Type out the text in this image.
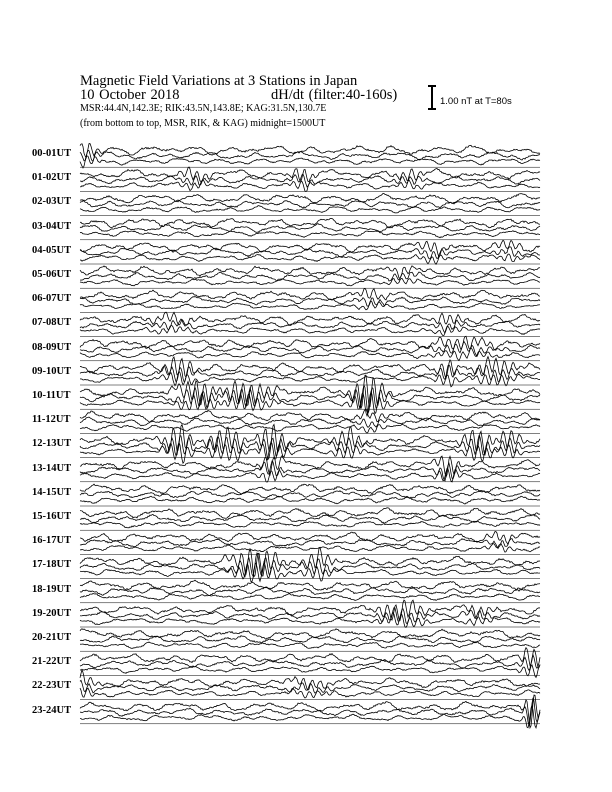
Magnetic Field Variations at 3 Stations in Japan
10 October 2018	dH/dt (filter:40-160s)
MSR:44.4N,142.3E; RIK:43.5N,143.8E; KAG:31.5N,130.7E
(from bottom to top, MSR, RIK, & KAG) midnight=1500UT
1.00 nT at T=80s
00-01UT
01-02UT
02-03UT
03-04UT
04-05UT
05-06UT
06-07UT
07-08UT
08-09UT
09-10UT
10-11UT
11-12UT
12-13UT
13-14UT
14-15UT
15-16UT
16-17UT
17-18UT
18-19UT
19-20UT
20-21UT
21-22UT
22-23UT
23-24UT
